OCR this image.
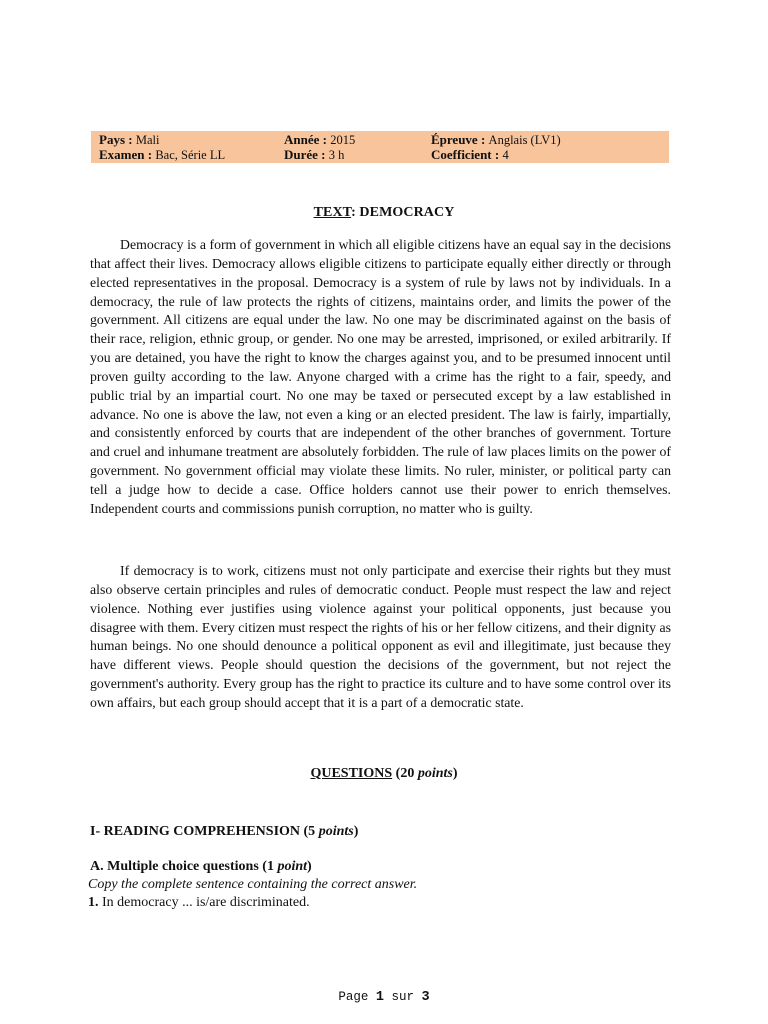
Pays : Mali	Année : 2015	Épreuve : Anglais (LV1)
Examen : Bac, Série LL	Durée : 3 h	Coefficient : 4
TEXT: DEMOCRACY

Democracy is a form of government in which all eligible citizens have an equal say in the decisions that affect their lives. Democracy allows eligible citizens to participate equally either directly or through elected representatives in the proposal. Democracy is a system of rule by laws not by individuals. In a democracy, the rule of law protects the rights of citizens, maintains order, and limits the power of the government. All citizens are equal under the law. No one may be discriminated against on the basis of their race, religion, ethnic group, or gender. No one may be arrested, imprisoned, or exiled arbitrarily. If you are detained, you have the right to know the charges against you, and to be presumed innocent until proven guilty according to the law. Anyone charged with a crime has the right to a fair, speedy, and public trial by an impartial court. No one may be taxed or persecuted except by a law established in advance. No one is above the law, not even a king or an elected president. The law is fairly, impartially, and consistently enforced by courts that are independent of the other branches of government. Torture and cruel and inhumane treatment are absolutely forbidden. The rule of law places limits on the power of government. No government official may violate these limits. No ruler, minister, or political party can tell a judge how to decide a case. Office holders cannot use their power to enrich themselves. Independent courts and commissions punish corruption, no matter who is guilty.

If democracy is to work, citizens must not only participate and exercise their rights but they must also observe certain principles and rules of democratic conduct. People must respect the law and reject violence. Nothing ever justifies using violence against your political opponents, just because you disagree with them. Every citizen must respect the rights of his or her fellow citizens, and their dignity as human beings. No one should denounce a political opponent as evil and illegitimate, just because they have different views. People should question the decisions of the government, but not reject the government's authority. Every group has the right to practice its culture and to have some control over its own affairs, but each group should accept that it is a part of a democratic state.

QUESTIONS (20 points)
I- READING COMPREHENSION (5 points)
A. Multiple choice questions (1 point)
Copy the complete sentence containing the correct answer.
1. In democracy ... is/are discriminated.
Page 1 sur 3
